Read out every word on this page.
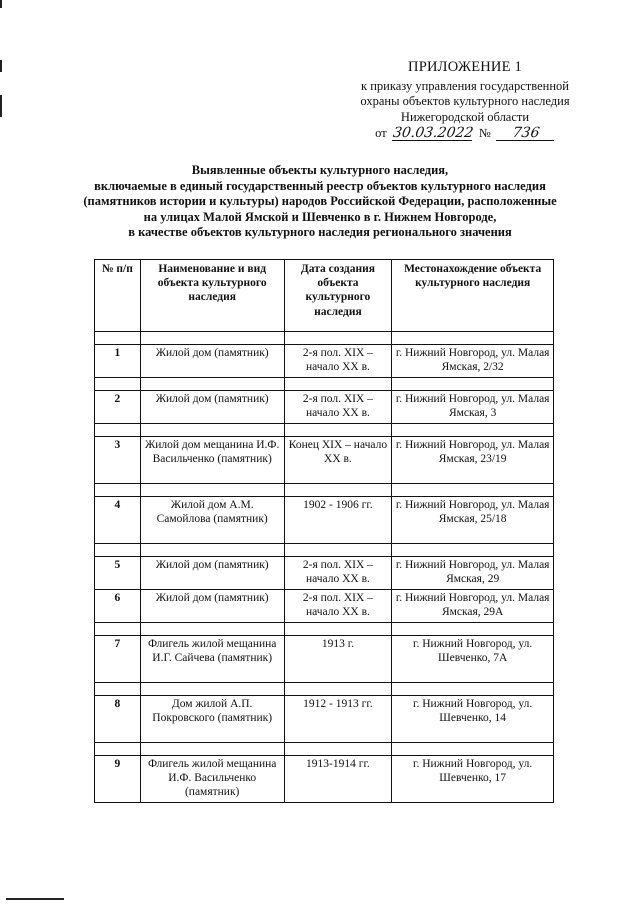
ПРИЛОЖЕНИЕ 1
к приказу управления государственной
охраны объектов культурного наследия
Нижегородской области
от 30.03.2022 №	736
Выявленные объекты культурного наследия,
включаемые в единый государственный реестр объектов культурного наследия
(памятников истории и культуры) народов Российской Федерации, расположенные
на улицах Малой Ямской и Шевченко в г. Нижнем Новгороде,
в качестве объектов культурного наследия регионального значения
№ п/п	Наименование и вид объекта культурного наследия	Дата создания объекта культурного наследия	Местонахождение объекта культурного наследия

1	Жилой дом (памятник)	2-я пол. XIX – начало XX в.	г. Нижний Новгород, ул. Малая Ямская, 2/32

2	Жилой дом (памятник)	2-я пол. XIX – начало XX в.	г. Нижний Новгород, ул. Малая Ямская, 3

3	Жилой дом мещанина И.Ф. Васильченко (памятник)	Конец XIX – начало XX в.	г. Нижний Новгород, ул. Малая Ямская, 23/19

4	Жилой дом А.М. Самойлова (памятник)	1902 - 1906 гг.	г. Нижний Новгород, ул. Малая Ямская, 25/18

5	Жилой дом (памятник)	2-я пол. XIX – начало XX в.	г. Нижний Новгород, ул. Малая Ямская, 29
6	Жилой дом (памятник)	2-я пол. XIX – начало XX в.	г. Нижний Новгород, ул. Малая Ямская, 29А

7	Флигель жилой мещанина И.Г. Сайчева (памятник)	1913 г.	г. Нижний Новгород, ул. Шевченко, 7А

8	Дом жилой А.П. Покровского (памятник)	1912 - 1913 гг.	г. Нижний Новгород, ул. Шевченко, 14

9	Флигель жилой мещанина И.Ф. Васильченко (памятник)	1913-1914 гг.	г. Нижний Новгород, ул. Шевченко, 17
